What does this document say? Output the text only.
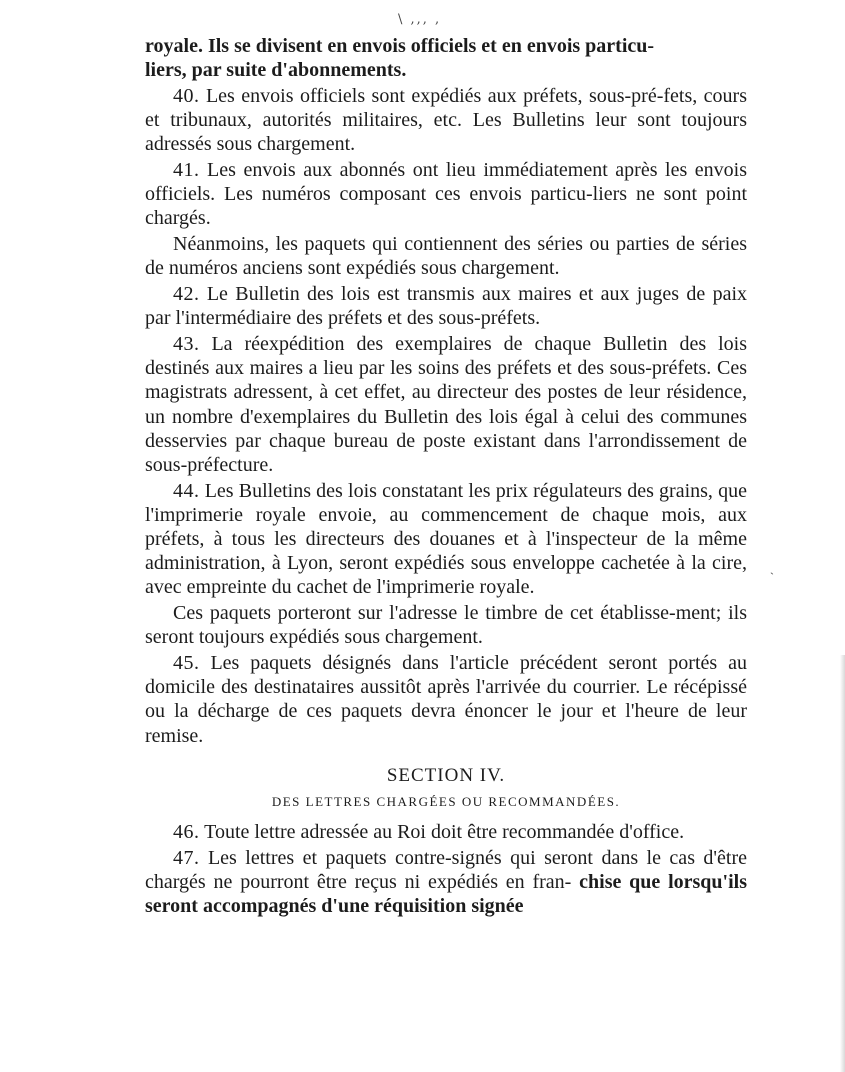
\ ,,, ,

royale. Ils se divisent en envois officiels et en envois particu-
liers, par suite d'abonnements.

40. Les envois officiels sont expédiés aux préfets, sous-pré-fets, cours et tribunaux, autorités militaires, etc. Les Bulletins leur sont toujours adressés sous chargement.

41. Les envois aux abonnés ont lieu immédiatement après les envois officiels. Les numéros composant ces envois particu-liers ne sont point chargés.

Néanmoins, les paquets qui contiennent des séries ou parties de séries de numéros anciens sont expédiés sous chargement.

42. Le Bulletin des lois est transmis aux maires et aux juges de paix par l'intermédiaire des préfets et des sous-préfets.

43. La réexpédition des exemplaires de chaque Bulletin des lois destinés aux maires a lieu par les soins des préfets et des sous-préfets. Ces magistrats adressent, à cet effet, au directeur des postes de leur résidence, un nombre d'exemplaires du Bulletin des lois égal à celui des communes desservies par chaque bureau de poste existant dans l'arrondissement de sous-préfecture.

44. Les Bulletins des lois constatant les prix régulateurs des grains, que l'imprimerie royale envoie, au commencement de chaque mois, aux préfets, à tous les directeurs des douanes et à l'inspecteur de la même administration, à Lyon, seront expédiés sous enveloppe cachetée à la cire, avec empreinte du cachet de l'imprimerie royale.

Ces paquets porteront sur l'adresse le timbre de cet établisse-ment; ils seront toujours expédiés sous chargement.

45. Les paquets désignés dans l'article précédent seront portés au domicile des destinataires aussitôt après l'arrivée du courrier. Le récépissé ou la décharge de ces paquets devra énoncer le jour et l'heure de leur remise.

SECTION IV.
DES LETTRES CHARGÉES OU RECOMMANDÉES.

46. Toute lettre adressée au Roi doit être recommandée d'office.

47. Les lettres et paquets contre-signés qui seront dans le cas d'être chargés ne pourront être reçus ni expédiés en fran- chise que lorsqu'ils seront accompagnés d'une réquisition signée

ˎ
